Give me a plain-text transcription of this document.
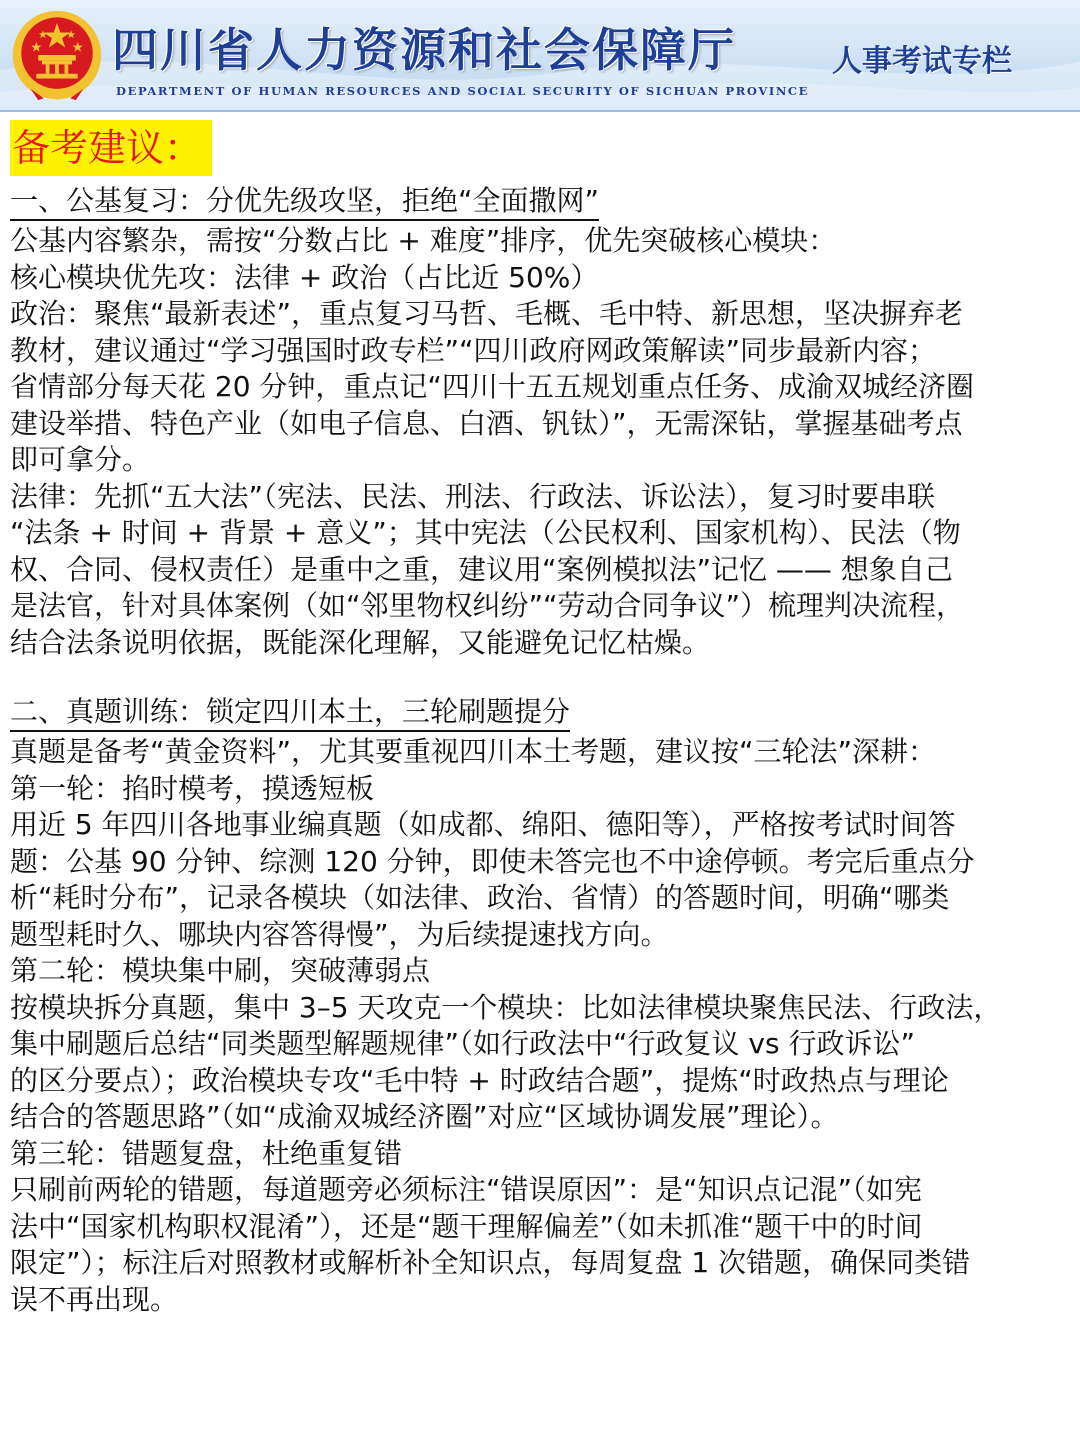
四川省人力资源和社会保障厅
DEPARTMENT OF HUMAN RESOURCES AND SOCIAL SECURITY OF SICHUAN PROVINCE
人事考试专栏
备考建议：
一、公基复习：分优先级攻坚，拒绝“全面撒网”

公基内容繁杂，需按“分数占比 + 难度”排序，优先突破核心模块：

核心模块优先攻：法律 + 政治（占比近 50%）

政治：聚焦“最新表述”，重点复习马哲、毛概、毛中特、新思想，坚决摒弃老

教材，建议通过“学习强国时政专栏”“四川政府网政策解读”同步最新内容；

省情部分每天花 20 分钟，重点记“四川十五五规划重点任务、成渝双城经济圈

建设举措、特色产业（如电子信息、白酒、钒钛）”，无需深钻，掌握基础考点

即可拿分。

法律：先抓“五大法”（宪法、民法、刑法、行政法、诉讼法），复习时要串联

“法条 + 时间 + 背景 + 意义”；其中宪法（公民权利、国家机构）、民法（物

权、合同、侵权责任）是重中之重，建议用“案例模拟法”记忆 —— 想象自己

是法官，针对具体案例（如“邻里物权纠纷”“劳动合同争议”）梳理判决流程，

结合法条说明依据，既能深化理解，又能避免记忆枯燥。

二、真题训练：锁定四川本土，三轮刷题提分

真题是备考“黄金资料”，尤其要重视四川本土考题，建议按“三轮法”深耕：

第一轮：掐时模考，摸透短板

用近 5 年四川各地事业编真题（如成都、绵阳、德阳等），严格按考试时间答

题：公基 90 分钟、综测 120 分钟，即使未答完也不中途停顿。考完后重点分

析“耗时分布”，记录各模块（如法律、政治、省情）的答题时间，明确“哪类

题型耗时久、哪块内容答得慢”，为后续提速找方向。

第二轮：模块集中刷，突破薄弱点

按模块拆分真题，集中 3–5 天攻克一个模块：比如法律模块聚焦民法、行政法，

集中刷题后总结“同类题型解题规律”（如行政法中“行政复议 vs 行政诉讼”

的区分要点）；政治模块专攻“毛中特 + 时政结合题”，提炼“时政热点与理论

结合的答题思路”（如“成渝双城经济圈”对应“区域协调发展”理论）。

第三轮：错题复盘，杜绝重复错

只刷前两轮的错题，每道题旁必须标注“错误原因”：是“知识点记混”（如宪

法中“国家机构职权混淆”），还是“题干理解偏差”（如未抓准“题干中的时间

限定”）；标注后对照教材或解析补全知识点，每周复盘 1 次错题，确保同类错

误不再出现。
